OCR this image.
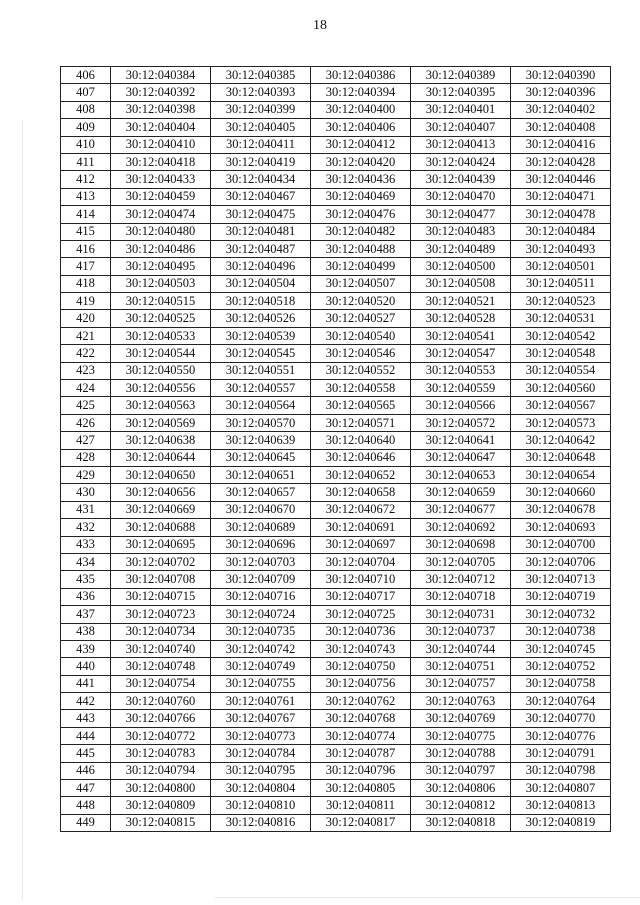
18
406	30:12:040384	30:12:040385	30:12:040386	30:12:040389	30:12:040390
407	30:12:040392	30:12:040393	30:12:040394	30:12:040395	30:12:040396
408	30:12:040398	30:12:040399	30:12:040400	30:12:040401	30:12:040402
409	30:12:040404	30:12:040405	30:12:040406	30:12:040407	30:12:040408
410	30:12:040410	30:12:040411	30:12:040412	30:12:040413	30:12:040416
411	30:12:040418	30:12:040419	30:12:040420	30:12:040424	30:12:040428
412	30:12:040433	30:12:040434	30:12:040436	30:12:040439	30:12:040446
413	30:12:040459	30:12:040467	30:12:040469	30:12:040470	30:12:040471
414	30:12:040474	30:12:040475	30:12:040476	30:12:040477	30:12:040478
415	30:12:040480	30:12:040481	30:12:040482	30:12:040483	30:12:040484
416	30:12:040486	30:12:040487	30:12:040488	30:12:040489	30:12:040493
417	30:12:040495	30:12:040496	30:12:040499	30:12:040500	30:12:040501
418	30:12:040503	30:12:040504	30:12:040507	30:12:040508	30:12:040511
419	30:12:040515	30:12:040518	30:12:040520	30:12:040521	30:12:040523
420	30:12:040525	30:12:040526	30:12:040527	30:12:040528	30:12:040531
421	30:12:040533	30:12:040539	30:12:040540	30:12:040541	30:12:040542
422	30:12:040544	30:12:040545	30:12:040546	30:12:040547	30:12:040548
423	30:12:040550	30:12:040551	30:12:040552	30:12:040553	30:12:040554
424	30:12:040556	30:12:040557	30:12:040558	30:12:040559	30:12:040560
425	30:12:040563	30:12:040564	30:12:040565	30:12:040566	30:12:040567
426	30:12:040569	30:12:040570	30:12:040571	30:12:040572	30:12:040573
427	30:12:040638	30:12:040639	30:12:040640	30:12:040641	30:12:040642
428	30:12:040644	30:12:040645	30:12:040646	30:12:040647	30:12:040648
429	30:12:040650	30:12:040651	30:12:040652	30:12:040653	30:12:040654
430	30:12:040656	30:12:040657	30:12:040658	30:12:040659	30:12:040660
431	30:12:040669	30:12:040670	30:12:040672	30:12:040677	30:12:040678
432	30:12:040688	30:12:040689	30:12:040691	30:12:040692	30:12:040693
433	30:12:040695	30:12:040696	30:12:040697	30:12:040698	30:12:040700
434	30:12:040702	30:12:040703	30:12:040704	30:12:040705	30:12:040706
435	30:12:040708	30:12:040709	30:12:040710	30:12:040712	30:12:040713
436	30:12:040715	30:12:040716	30:12:040717	30:12:040718	30:12:040719
437	30:12:040723	30:12:040724	30:12:040725	30:12:040731	30:12:040732
438	30:12:040734	30:12:040735	30:12:040736	30:12:040737	30:12:040738
439	30:12:040740	30:12:040742	30:12:040743	30:12:040744	30:12:040745
440	30:12:040748	30:12:040749	30:12:040750	30:12:040751	30:12:040752
441	30:12:040754	30:12:040755	30:12:040756	30:12:040757	30:12:040758
442	30:12:040760	30:12:040761	30:12:040762	30:12:040763	30:12:040764
443	30:12:040766	30:12:040767	30:12:040768	30:12:040769	30:12:040770
444	30:12:040772	30:12:040773	30:12:040774	30:12:040775	30:12:040776
445	30:12:040783	30:12:040784	30:12:040787	30:12:040788	30:12:040791
446	30:12:040794	30:12:040795	30:12:040796	30:12:040797	30:12:040798
447	30:12:040800	30:12:040804	30:12:040805	30:12:040806	30:12:040807
448	30:12:040809	30:12:040810	30:12:040811	30:12:040812	30:12:040813
449	30:12:040815	30:12:040816	30:12:040817	30:12:040818	30:12:040819
